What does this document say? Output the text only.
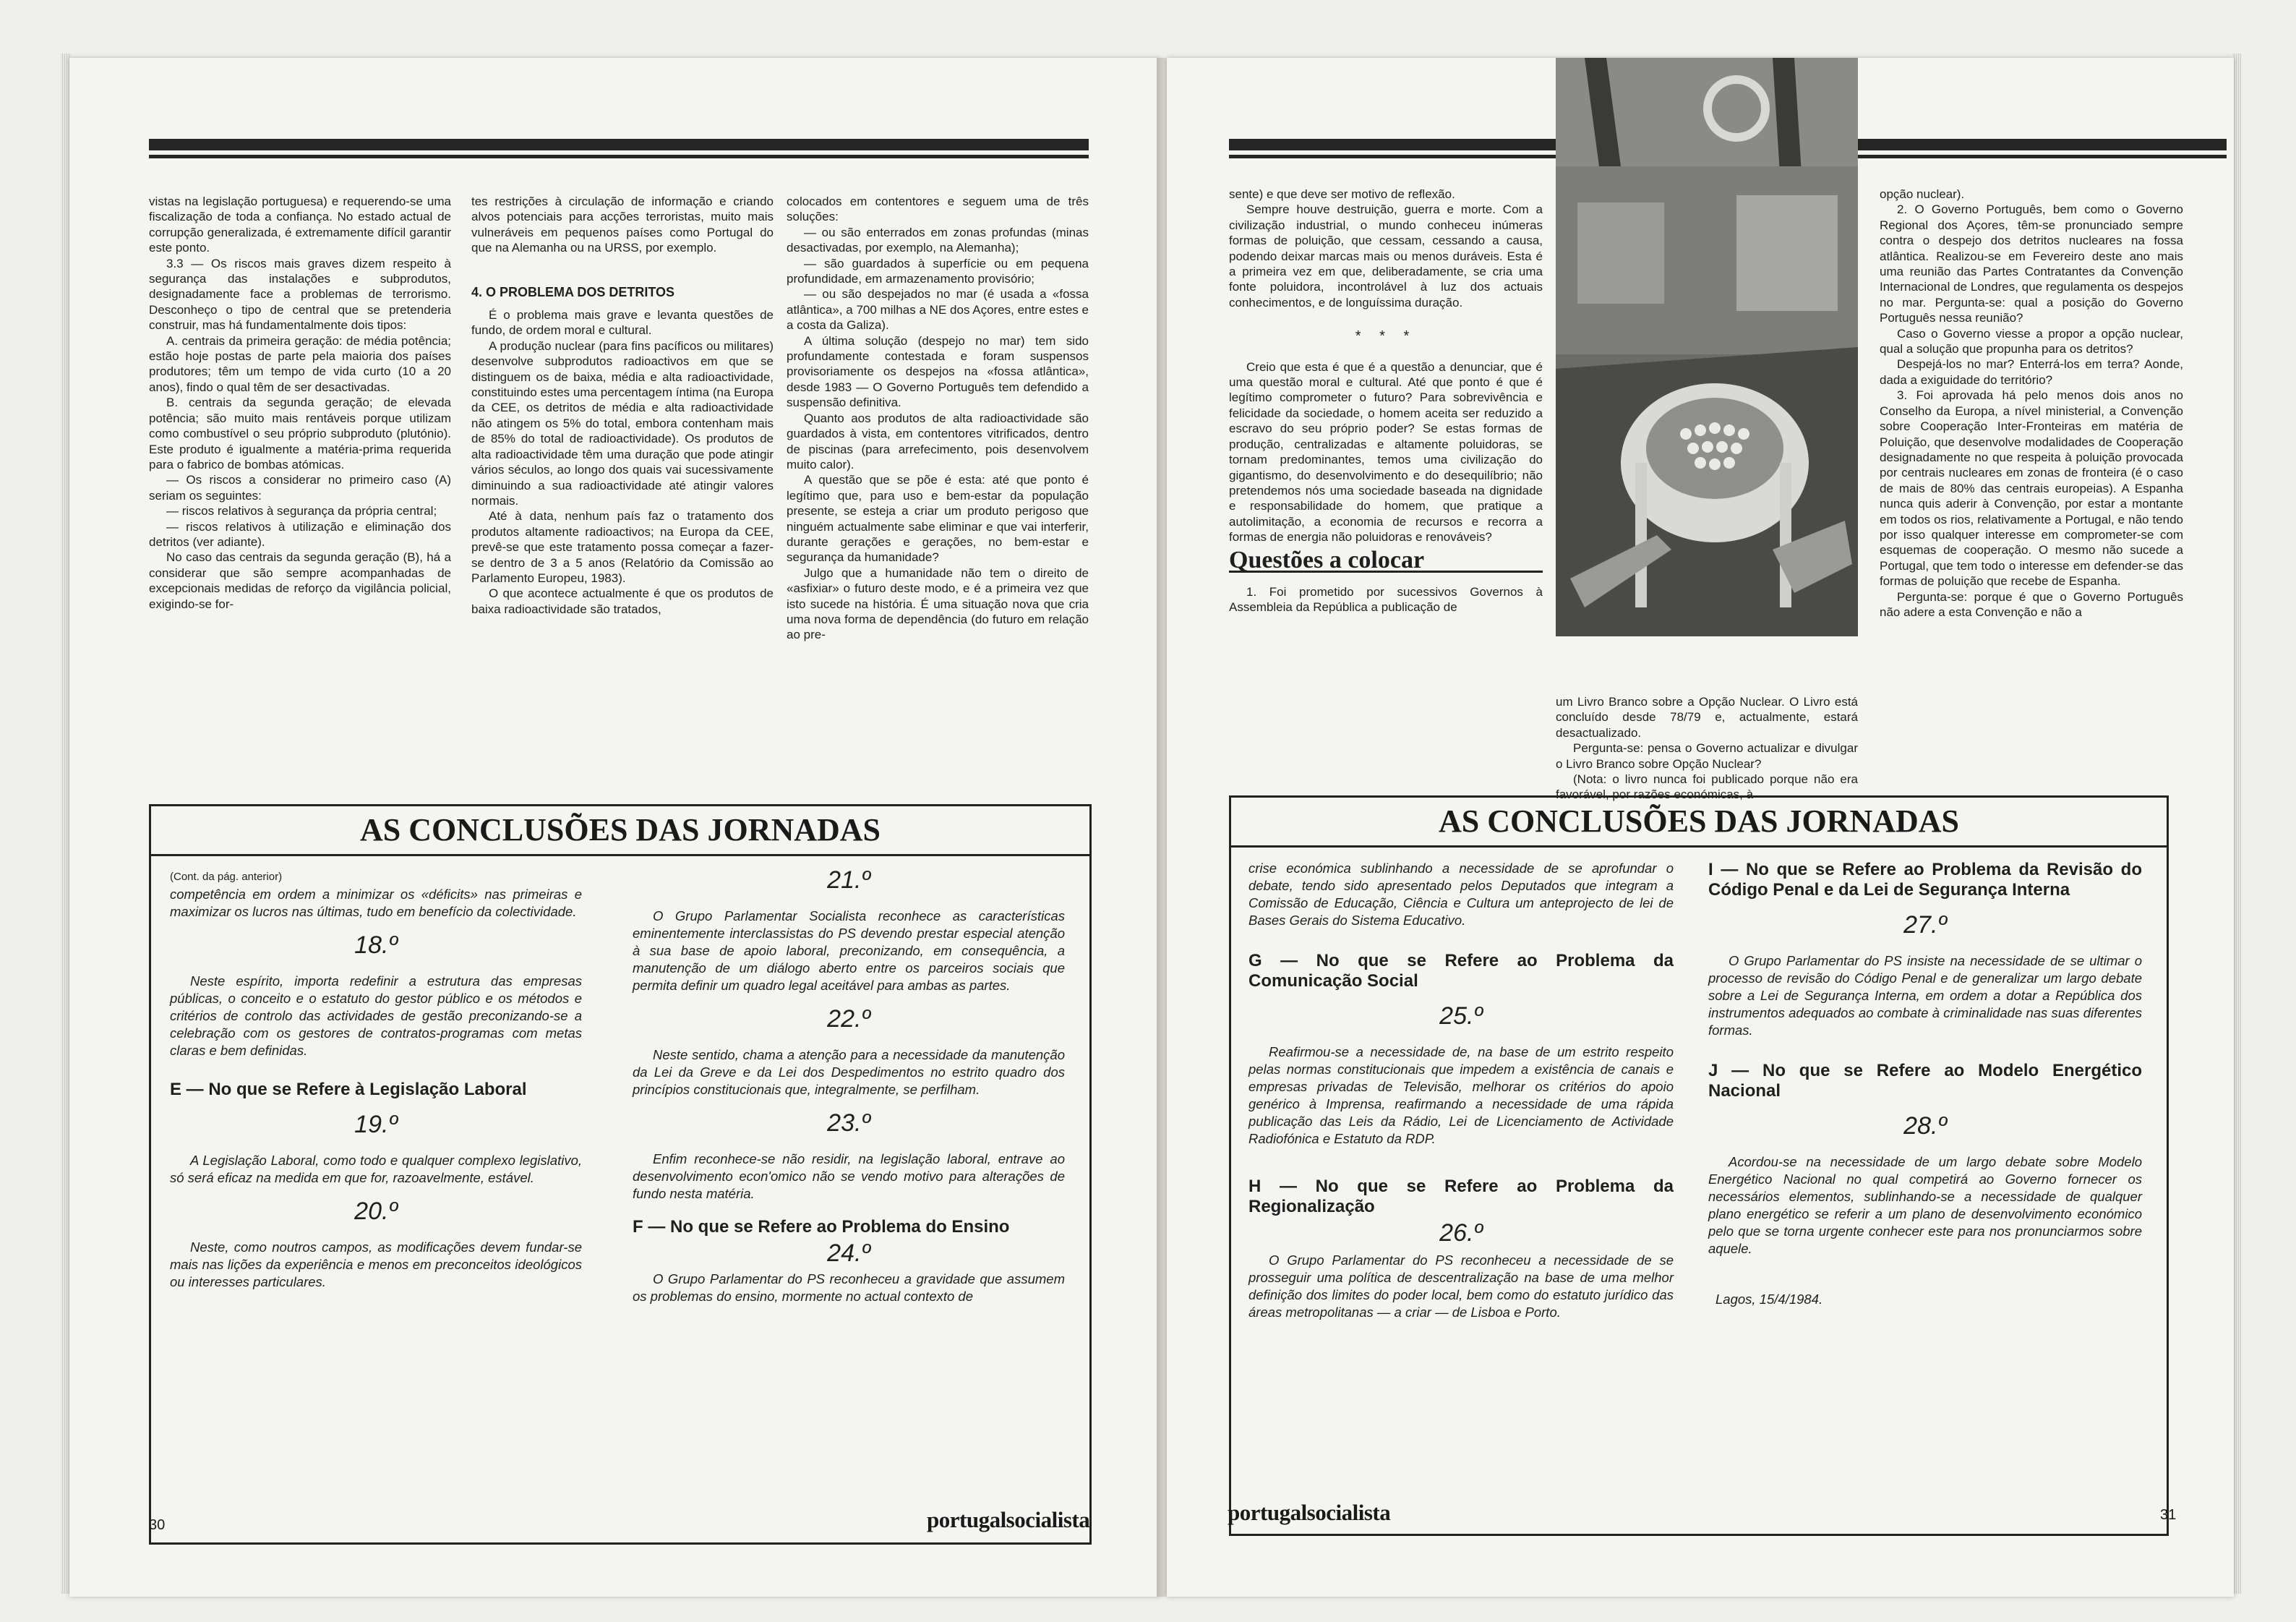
vistas na legislação portuguesa) e requerendo-se uma fiscalização de toda a confiança. No estado actual de corrupção generalizada, é extremamente difícil garantir este ponto.

3.3 — Os riscos mais graves dizem respeito à segurança das instalações e subprodutos, designadamente face a problemas de terrorismo. Desconheço o tipo de central que se pretenderia construir, mas há fundamentalmente dois tipos:

A. centrais da primeira geração: de média potência; estão hoje postas de parte pela maioria dos países produtores; têm um tempo de vida curto (10 a 20 anos), findo o qual têm de ser desactivadas.

B. centrais da segunda geração; de elevada potência; são muito mais rentáveis porque utilizam como combustível o seu próprio subproduto (plutónio). Este produto é igualmente a matéria-prima requerida para o fabrico de bombas atómicas.

— Os riscos a considerar no primeiro caso (A) seriam os seguintes:

— riscos relativos à segurança da própria central;

— riscos relativos à utilização e eliminação dos detritos (ver adiante).

No caso das centrais da segunda geração (B), há a considerar que são sempre acompanhadas de excepcionais medidas de reforço da vigilância policial, exigindo-se for-

tes restrições à circulação de informação e criando alvos potenciais para acções terroristas, muito mais vulneráveis em pequenos países como Portugal do que na Alemanha ou na URSS, por exemplo.

4. O PROBLEMA DOS DETRITOS

É o problema mais grave e levanta questões de fundo, de ordem moral e cultural.

A produção nuclear (para fins pacíficos ou militares) desenvolve subprodutos radioactivos em que se distinguem os de baixa, média e alta radioactividade, constituindo estes uma percentagem íntima (na Europa da CEE, os detritos de média e alta radioactividade não atingem os 5% do total, embora contenham mais de 85% do total de radioactividade). Os produtos de alta radioactividade têm uma duração que pode atingir vários séculos, ao longo dos quais vai sucessivamente diminuindo a sua radioactividade até atingir valores normais.

Até à data, nenhum país faz o tratamento dos produtos altamente radioactivos; na Europa da CEE, prevê-se que este tratamento possa começar a fazer-se dentro de 3 a 5 anos (Relatório da Comissão ao Parlamento Europeu, 1983).

O que acontece actualmente é que os produtos de baixa radioactividade são tratados,

colocados em contentores e seguem uma de três soluções:

— ou são enterrados em zonas profundas (minas desactivadas, por exemplo, na Alemanha);

— são guardados à superfície ou em pequena profundidade, em armazenamento provisório;

— ou são despejados no mar (é usada a «fossa atlântica», a 700 milhas a NE dos Açores, entre estes e a costa da Galiza).

A última solução (despejo no mar) tem sido profundamente contestada e foram suspensos provisoriamente os despejos na «fossa atlântica», desde 1983 — O Governo Português tem defendido a suspensão definitiva.

Quanto aos produtos de alta radioactividade são guardados à vista, em contentores vitrificados, dentro de piscinas (para arrefecimento, pois desenvolvem muito calor).

A questão que se põe é esta: até que ponto é legítimo que, para uso e bem-estar da população presente, se esteja a criar um produto perigoso que ninguém actualmente sabe eliminar e que vai interferir, durante gerações e gerações, no bem-estar e segurança da humanidade?

Julgo que a humanidade não tem o direito de «asfixiar» o futuro deste modo, e é a primeira vez que isto sucede na história. É uma situação nova que cria uma nova forma de dependência (do futuro em relação ao pre-

AS CONCLUSÕES DAS JORNADAS
(Cont. da pág. anterior)

competência em ordem a minimizar os «déficits» nas primeiras e maximizar os lucros nas últimas, tudo em benefício da colectividade.

18.º

Neste espírito, importa redefinir a estrutura das empresas públicas, o conceito e o estatuto do gestor público e os métodos e critérios de controlo das actividades de gestão preconizando-se a celebração com os gestores de contratos-programas com metas claras e bem definidas.

E — No que se Refere à Legislação Laboral
19.º

A Legislação Laboral, como todo e qualquer complexo legislativo, só será eficaz na medida em que for, razoavelmente, estável.

20.º

Neste, como noutros campos, as modificações devem fundar-se mais nas lições da experiência e menos em preconceitos ideológicos ou interesses particulares.

21.º

O Grupo Parlamentar Socialista reconhece as características eminentemente interclassistas do PS devendo prestar especial atenção à sua base de apoio laboral, preconizando, em consequência, a manutenção de um diálogo aberto entre os parceiros sociais que permita definir um quadro legal aceitável para ambas as partes.

22.º

Neste sentido, chama a atenção para a necessidade da manutenção da Lei da Greve e da Lei dos Despedimentos no estrito quadro dos princípios constitucionais que, integralmente, se perfilham.

23.º

Enfim reconhece-se não residir, na legislação laboral, entrave ao desenvolvimento econ'omico não se vendo motivo para alterações de fundo nesta matéria.

F — No que se Refere ao Problema do Ensino
24.º

O Grupo Parlamentar do PS reconheceu a gravidade que assumem os problemas do ensino, mormente no actual contexto de

30	portugalsocialista

sente) e que deve ser motivo de reflexão.

Sempre houve destruição, guerra e morte. Com a civilização industrial, o mundo conheceu inúmeras formas de poluição, que cessam, cessando a causa, podendo deixar marcas mais ou menos duráveis. Esta é a primeira vez em que, deliberadamente, se cria uma fonte poluidora, incontrolável à luz dos actuais conhecimentos, e de longuíssima duração.

* * *

Creio que esta é que é a questão a denunciar, que é uma questão moral e cultural. Até que ponto é que é legítimo comprometer o futuro? Para sobrevivência e felicidade da sociedade, o homem aceita ser reduzido a escravo do seu próprio poder? Se estas formas de produção, centralizadas e altamente poluidoras, se tornam predominantes, temos uma civilização do gigantismo, do desenvolvimento e do desequilíbrio; não pretendemos nós uma sociedade baseada na dignidade e responsabilidade do homem, que pratique a autolimitação, a economia de recursos e recorra a formas de energia não poluidoras e renováveis?

Questões a colocar

1. Foi prometido por sucessivos Governos à Assembleia da República a publicação de

um Livro Branco sobre a Opção Nuclear. O Livro está concluído desde 78/79 e, actualmente, estará desactualizado.

Pergunta-se: pensa o Governo actualizar e divulgar o Livro Branco sobre Opção Nuclear?

(Nota: o livro nunca foi publicado porque não era favorável, por razões económicas, à

opção nuclear).

2. O Governo Português, bem como o Governo Regional dos Açores, têm-se pronunciado sempre contra o despejo dos detritos nucleares na fossa atlântica. Realizou-se em Fevereiro deste ano mais uma reunião das Partes Contratantes da Convenção Internacional de Londres, que regulamenta os despejos no mar. Pergunta-se: qual a posição do Governo Português nessa reunião?

Caso o Governo viesse a propor a opção nuclear, qual a solução que propunha para os detritos?

Despejá-los no mar? Enterrá-los em terra? Aonde, dada a exiguidade do território?

3. Foi aprovada há pelo menos dois anos no Conselho da Europa, a nível ministerial, a Convenção sobre Cooperação Inter-Fronteiras em matéria de Poluição, que desenvolve modalidades de Cooperação designadamente no que respeita à poluição provocada por centrais nucleares em zonas de fronteira (é o caso de mais de 80% das centrais europeias). A Espanha nunca quis aderir à Convenção, por estar a montante em todos os rios, relativamente a Portugal, e não tendo por isso qualquer interesse em comprometer-se com esquemas de cooperação. O mesmo não sucede a Portugal, que tem todo o interesse em defender-se das formas de poluição que recebe de Espanha.

Pergunta-se: porque é que o Governo Português não adere a esta Convenção e não a

AS CONCLUSÕES DAS JORNADAS

crise económica sublinhando a necessidade de se aprofundar o debate, tendo sido apresentado pelos Deputados que integram a Comissão de Educação, Ciência e Cultura um anteprojecto de lei de Bases Gerais do Sistema Educativo.

G — No que se Refere ao Problema da Comunicação Social
25.º

Reafirmou-se a necessidade de, na base de um estrito respeito pelas normas constitucionais que impedem a existência de canais e empresas privadas de Televisão, melhorar os critérios do apoio genérico à Imprensa, reafirmando a necessidade de uma rápida publicação das Leis da Rádio, Lei de Licenciamento de Actividade Radiofónica e Estatuto da RDP.

H — No que se Refere ao Problema da Regionalização
26.º

O Grupo Parlamentar do PS reconheceu a necessidade de se prosseguir uma política de descentralização na base de uma melhor definição dos limites do poder local, bem como do estatuto jurídico das áreas metropolitanas — a criar — de Lisboa e Porto.

I — No que se Refere ao Problema da Revisão do Código Penal e da Lei de Segurança Interna
27.º

O Grupo Parlamentar do PS insiste na necessidade de se ultimar o processo de revisão do Código Penal e de generalizar um largo debate sobre a Lei de Segurança Interna, em ordem a dotar a República dos instrumentos adequados ao combate à criminalidade nas suas diferentes formas.

J — No que se Refere ao Modelo Energético Nacional
28.º

Acordou-se na necessidade de um largo debate sobre Modelo Energético Nacional no qual competirá ao Governo fornecer os necessários elementos, sublinhando-se a necessidade de qualquer plano energético se referir a um plano de desenvolvimento económico pelo que se torna urgente conhecer este para nos pronunciarmos sobre aquele.

Lagos, 15/4/1984.
portugalsocialista	31
